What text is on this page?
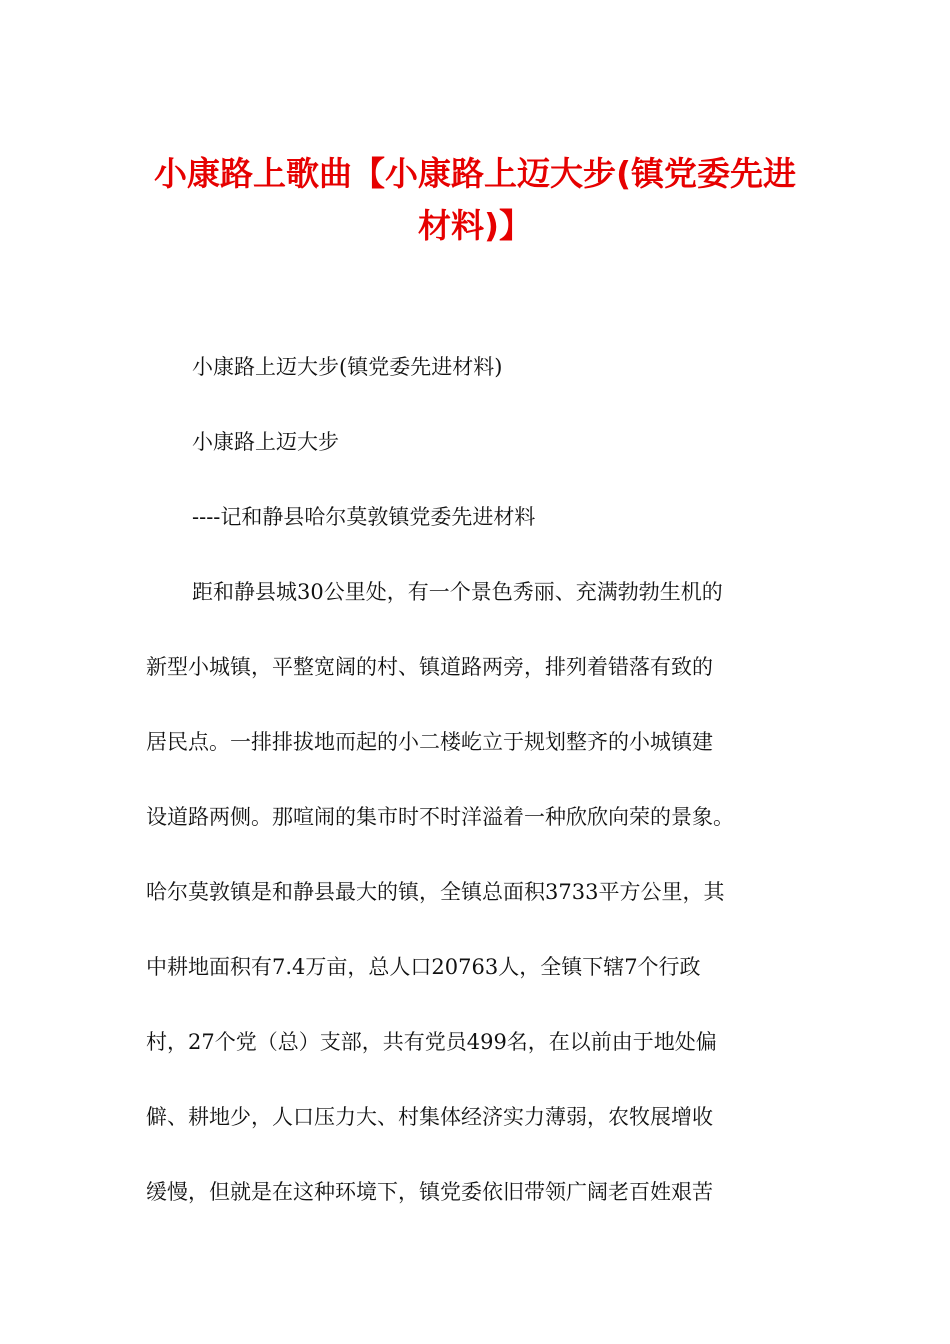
小康路上歌曲【小康路上迈大步(镇党委先进材料)】

小康路上迈大步(镇党委先进材料)

小康路上迈大步

----记和静县哈尔莫敦镇党委先进材料

距和静县城30公里处，有一个景色秀丽、充满勃勃生机的
新型小城镇，平整宽阔的村、镇道路两旁，排列着错落有致的
居民点。一排排拔地而起的小二楼屹立于规划整齐的小城镇建
设道路两侧。那喧闹的集市时不时洋溢着一种欣欣向荣的景象。
哈尔莫敦镇是和静县最大的镇，全镇总面积3733平方公里，其
中耕地面积有7.4万亩，总人口20763人，全镇下辖7个行政
村，27个党（总）支部，共有党员499名，在以前由于地处偏
僻、耕地少，人口压力大、村集体经济实力薄弱，农牧展增收
缓慢，但就是在这种环境下，镇党委依旧带领广阔老百姓艰苦
